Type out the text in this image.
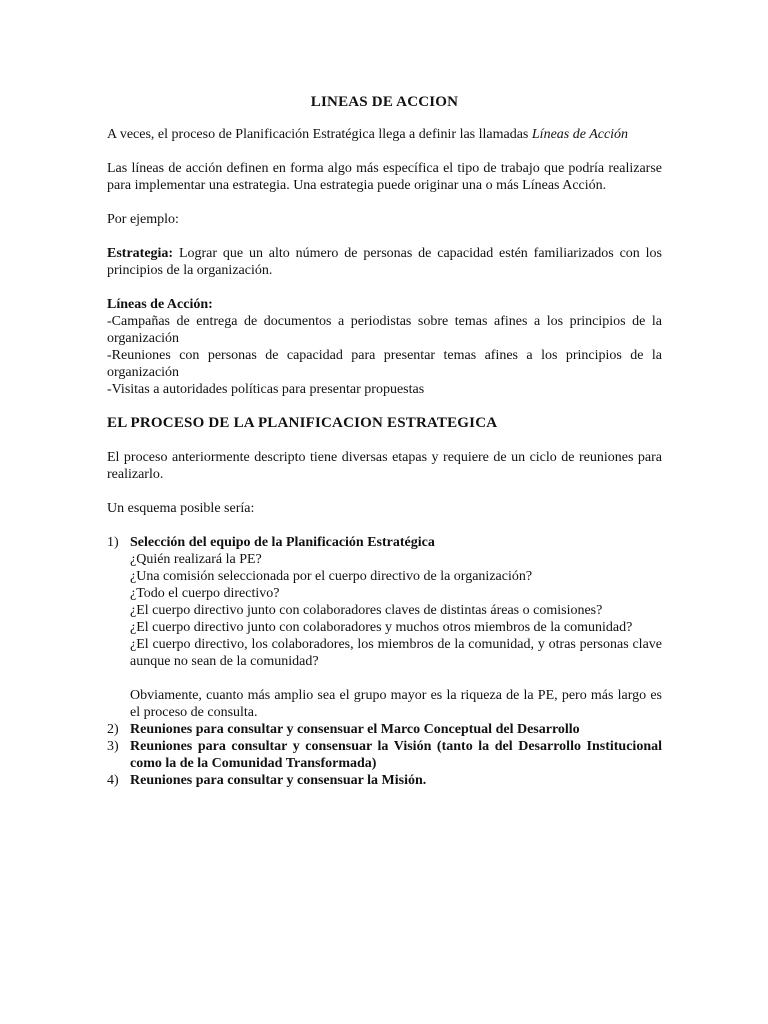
LINEAS DE ACCION

A veces, el proceso de Planificación Estratégica llega a definir las llamadas Líneas de Acción

Las líneas de acción definen en forma algo más específica el tipo de trabajo que podría realizarse para implementar una estrategia. Una estrategia puede originar una o más Líneas Acción.

Por ejemplo:

Estrategia: Lograr que un alto número de personas de capacidad estén familiarizados con los principios de la organización.

Líneas de Acción:

-Campañas de entrega de documentos a periodistas sobre temas afines a los principios de la organización

-Reuniones con personas de capacidad para presentar temas afines a los principios de la organización

-Visitas a autoridades políticas para presentar propuestas

EL PROCESO DE LA PLANIFICACION ESTRATEGICA

El proceso anteriormente descripto tiene diversas etapas y requiere de un ciclo de reuniones para realizarlo.

Un esquema posible sería:

1) Selección del equipo de la Planificación Estratégica

¿Quién realizará la PE?

¿Una comisión seleccionada por el cuerpo directivo de la organización?

¿Todo el cuerpo directivo?

¿El cuerpo directivo junto con colaboradores claves de distintas áreas o comisiones?

¿El cuerpo directivo junto con colaboradores y muchos otros miembros de la comunidad?

¿El cuerpo directivo, los colaboradores, los miembros de la comunidad, y otras personas clave aunque no sean de la comunidad?

Obviamente, cuanto más amplio sea el grupo mayor es la riqueza de la PE, pero más largo es el proceso de consulta.

2) Reuniones para consultar y consensuar el Marco Conceptual del Desarrollo

3) Reuniones para consultar y consensuar la Visión (tanto la del Desarrollo Institucional como la de la Comunidad Transformada)

4) Reuniones para consultar y consensuar la Misión.
